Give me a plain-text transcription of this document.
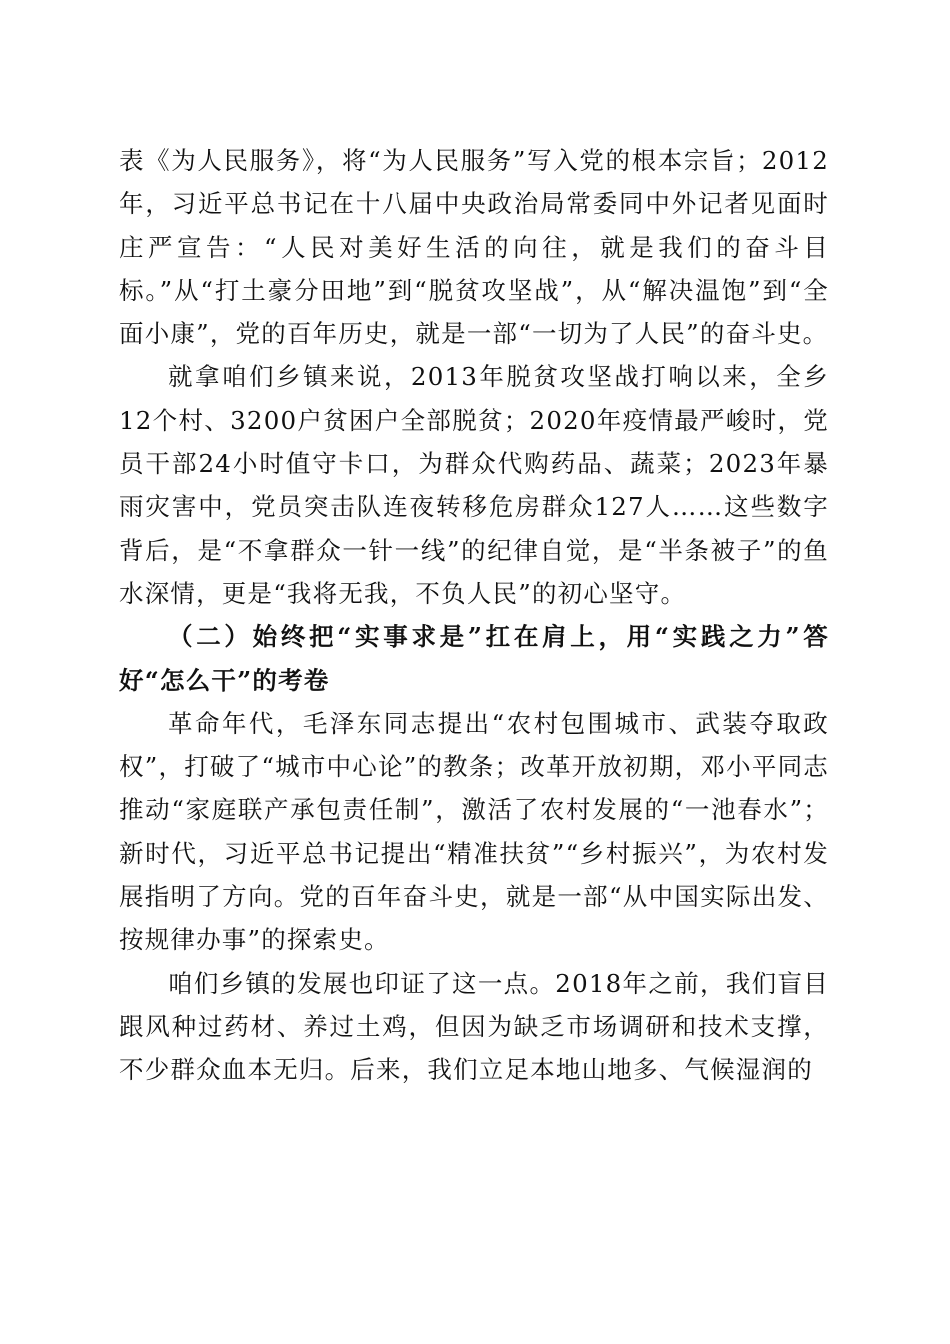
表《为人民服务》，将“为人民服务”写入党的根本宗旨；2012年，习近平总书记在十八届中央政治局常委同中外记者见面时庄严宣告：“人民对美好生活的向往，就是我们的奋斗目标。”从“打土豪分田地”到“脱贫攻坚战”，从“解决温饱”到“全面小康”，党的百年历史，就是一部“一切为了人民”的奋斗史。

就拿咱们乡镇来说，2013年脱贫攻坚战打响以来，全乡12个村、3200户贫困户全部脱贫；2020年疫情最严峻时，党员干部24小时值守卡口，为群众代购药品、蔬菜；2023年暴雨灾害中，党员突击队连夜转移危房群众127人……这些数字背后，是“不拿群众一针一线”的纪律自觉，是“半条被子”的鱼水深情，更是“我将无我，不负人民”的初心坚守。

（二）始终把“实事求是”扛在肩上，用“实践之力”答好“怎么干”的考卷

革命年代，毛泽东同志提出“农村包围城市、武装夺取政权”，打破了“城市中心论”的教条；改革开放初期，邓小平同志推动“家庭联产承包责任制”，激活了农村发展的“一池春水”；新时代，习近平总书记提出“精准扶贫”“乡村振兴”，为农村发展指明了方向。党的百年奋斗史，就是一部“从中国实际出发、按规律办事”的探索史。

咱们乡镇的发展也印证了这一点。2018年之前，我们盲目跟风种过药材、养过土鸡，但因为缺乏市场调研和技术支撑，不少群众血本无归。后来，我们立足本地山地多、气候湿润的
